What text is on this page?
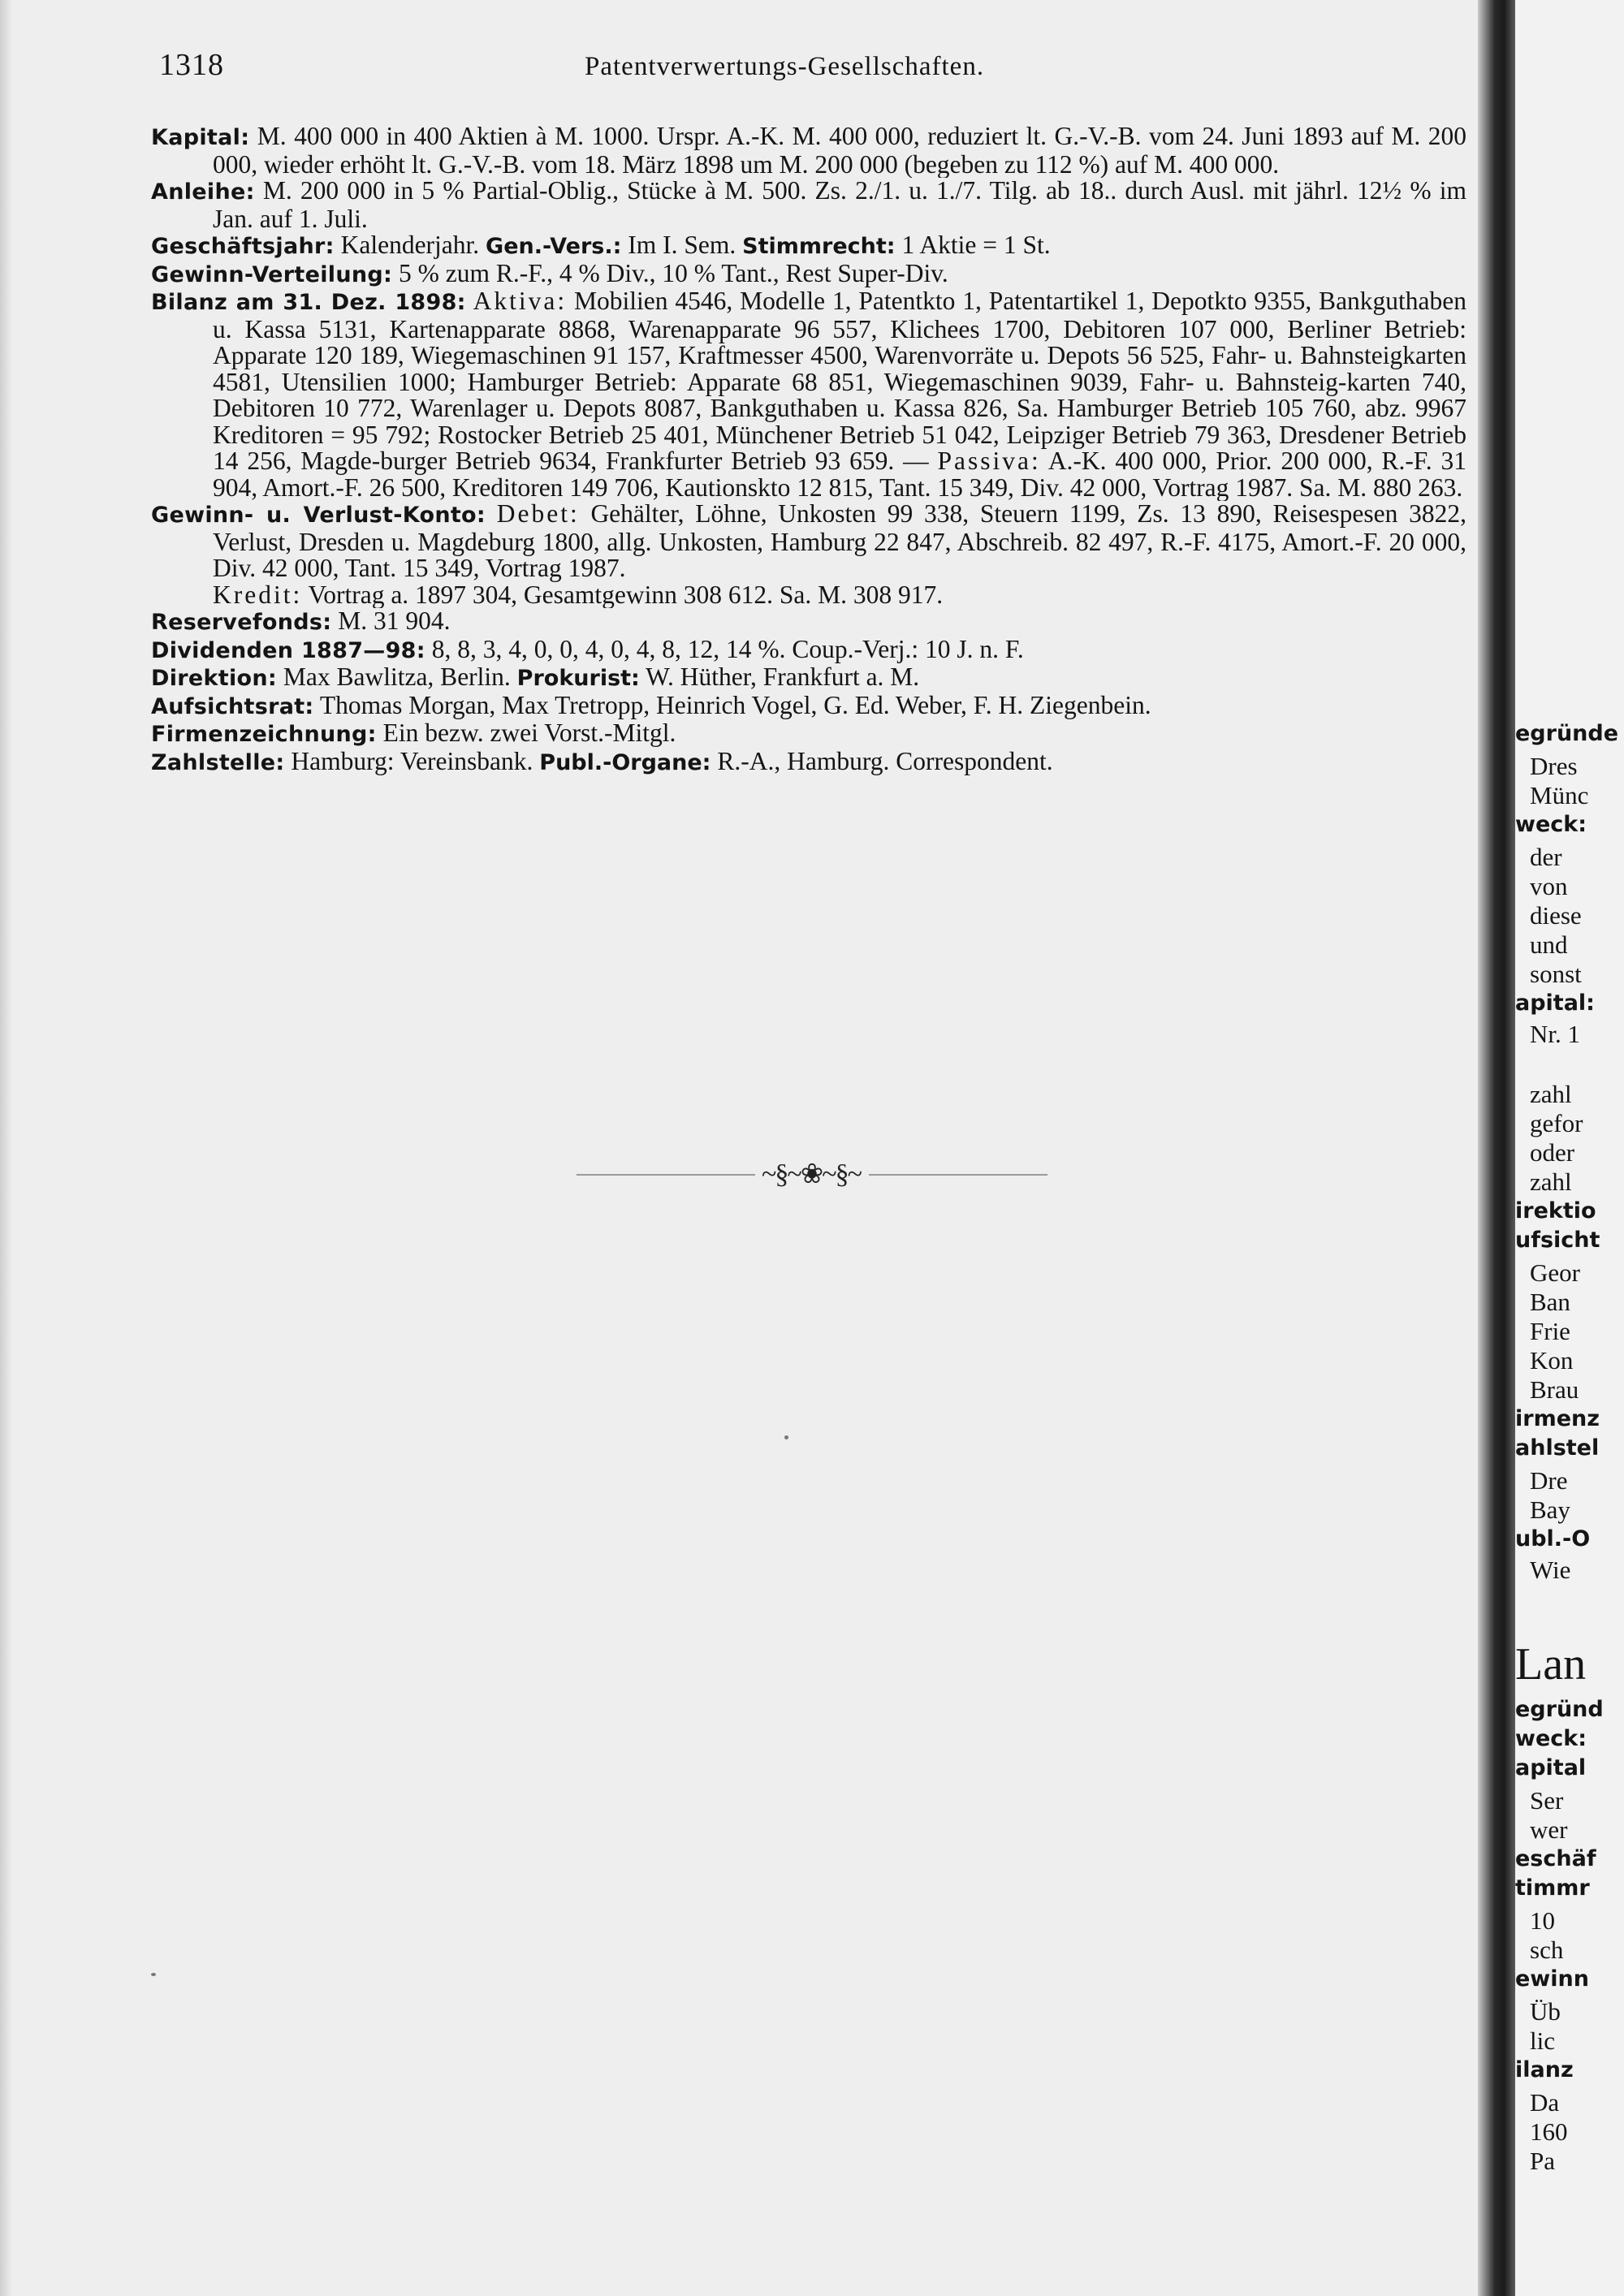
1318	Patentverwertungs-Gesellschaften.

Kapital: M. 400 000 in 400 Aktien à M. 1000. Urspr. A.-K. M. 400 000, reduziert lt. G.-V.-B. vom 24. Juni 1893 auf M. 200 000, wieder erhöht lt. G.-V.-B. vom 18. März 1898 um M. 200 000 (begeben zu 112 %) auf M. 400 000.

Anleihe: M. 200 000 in 5 % Partial-Oblig., Stücke à M. 500. Zs. 2./1. u. 1./7. Tilg. ab 18.. durch Ausl. mit jährl. 12½ % im Jan. auf 1. Juli.

Geschäftsjahr: Kalenderjahr. Gen.-Vers.: Im I. Sem. Stimmrecht: 1 Aktie = 1 St.

Gewinn-Verteilung: 5 % zum R.-F., 4 % Div., 10 % Tant., Rest Super-Div.

Bilanz am 31. Dez. 1898: Aktiva: Mobilien 4546, Modelle 1, Patentkto 1, Patentartikel 1, Depotkto 9355, Bankguthaben u. Kassa 5131, Kartenapparate 8868, Warenapparate 96 557, Klichees 1700, Debitoren 107 000, Berliner Betrieb: Apparate 120 189, Wiegemaschinen 91 157, Kraftmesser 4500, Warenvorräte u. Depots 56 525, Fahr- u. Bahnsteigkarten 4581, Utensilien 1000; Hamburger Betrieb: Apparate 68 851, Wiegemaschinen 9039, Fahr- u. Bahnsteig-karten 740, Debitoren 10 772, Warenlager u. Depots 8087, Bankguthaben u. Kassa 826, Sa. Hamburger Betrieb 105 760, abz. 9967 Kreditoren = 95 792; Rostocker Betrieb 25 401, Münchener Betrieb 51 042, Leipziger Betrieb 79 363, Dresdener Betrieb 14 256, Magde-burger Betrieb 9634, Frankfurter Betrieb 93 659. — Passiva: A.-K. 400 000, Prior. 200 000, R.-F. 31 904, Amort.-F. 26 500, Kreditoren 149 706, Kautionskto 12 815, Tant. 15 349, Div. 42 000, Vortrag 1987. Sa. M. 880 263.

Gewinn- u. Verlust-Konto: Debet: Gehälter, Löhne, Unkosten 99 338, Steuern 1199, Zs. 13 890, Reisespesen 3822, Verlust, Dresden u. Magdeburg 1800, allg. Unkosten, Hamburg 22 847, Abschreib. 82 497, R.-F. 4175, Amort.-F. 20 000, Div. 42 000, Tant. 15 349, Vortrag 1987.

Kredit: Vortrag a. 1897 304, Gesamtgewinn 308 612. Sa. M. 308 917.

Reservefonds: M. 31 904.

Dividenden 1887—98: 8, 8, 3, 4, 0, 0, 4, 0, 4, 8, 12, 14 %. Coup.-Verj.: 10 J. n. F.

Direktion: Max Bawlitza, Berlin. Prokurist: W. Hüther, Frankfurt a. M.

Aufsichtsrat: Thomas Morgan, Max Tretropp, Heinrich Vogel, G. Ed. Weber, F. H. Ziegenbein.

Firmenzeichnung: Ein bezw. zwei Vorst.-Mitgl.

Zahlstelle: Hamburg: Vereinsbank. Publ.-Organe: R.-A., Hamburg. Correspondent.

~§~❀~§~
egründe
Dres
Münc
weck:
der
von
diese
und
sonst
apital:
Nr. 1
zahl
gefor
oder
zahl
irektio
ufsicht
Geor
Ban
Frie
Kon
Brau
irmenz
ahlstel
Dre
Bay
ubl.-O
Wie
Lan
egründ
weck:
apital
Ser
wer
eschäf
timmr
10
sch
ewinn
Üb
lic
ilanz
Da
160
Pa
